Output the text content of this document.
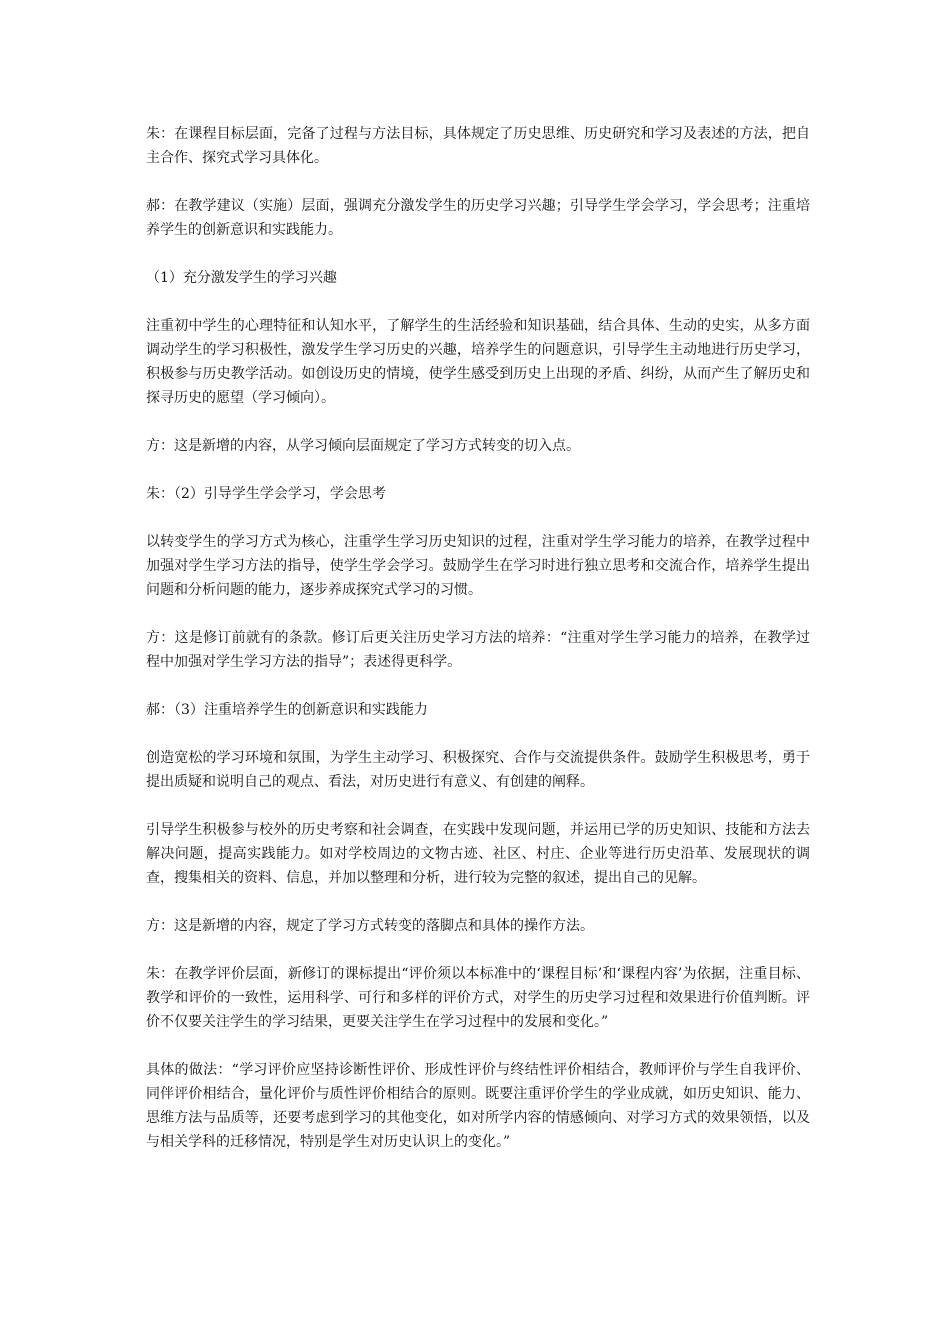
朱：在课程目标层面，完备了过程与方法目标，具体规定了历史思维、历史研究和学习及表述的方法，把自主合作、探究式学习具体化。

郝：在教学建议（实施）层面，强调充分激发学生的历史学习兴趣；引导学生学会学习，学会思考；注重培养学生的创新意识和实践能力。

（1）充分激发学生的学习兴趣

注重初中学生的心理特征和认知水平，了解学生的生活经验和知识基础，结合具体、生动的史实，从多方面调动学生的学习积极性，激发学生学习历史的兴趣，培养学生的问题意识，引导学生主动地进行历史学习，积极参与历史教学活动。如创设历史的情境，使学生感受到历史上出现的矛盾、纠纷，从而产生了解历史和探寻历史的愿望（学习倾向）。

方：这是新增的内容，从学习倾向层面规定了学习方式转变的切入点。

朱：（2）引导学生学会学习，学会思考

以转变学生的学习方式为核心，注重学生学习历史知识的过程，注重对学生学习能力的培养，在教学过程中加强对学生学习方法的指导，使学生学会学习。鼓励学生在学习时进行独立思考和交流合作，培养学生提出问题和分析问题的能力，逐步养成探究式学习的习惯。

方：这是修订前就有的条款。修订后更关注历史学习方法的培养：“注重对学生学习能力的培养，在教学过程中加强对学生学习方法的指导”；表述得更科学。

郝：（3）注重培养学生的创新意识和实践能力

创造宽松的学习环境和氛围，为学生主动学习、积极探究、合作与交流提供条件。鼓励学生积极思考，勇于提出质疑和说明自己的观点、看法，对历史进行有意义、有创建的阐释。

引导学生积极参与校外的历史考察和社会调查，在实践中发现问题，并运用已学的历史知识、技能和方法去解决问题，提高实践能力。如对学校周边的文物古迹、社区、村庄、企业等进行历史沿革、发展现状的调查，搜集相关的资料、信息，并加以整理和分析，进行较为完整的叙述，提出自己的见解。

方：这是新增的内容，规定了学习方式转变的落脚点和具体的操作方法。

朱：在教学评价层面，新修订的课标提出“评价须以本标准中的‘课程目标’和‘课程内容’为依据，注重目标、教学和评价的一致性，运用科学、可行和多样的评价方式，对学生的历史学习过程和效果进行价值判断。评价不仅要关注学生的学习结果，更要关注学生在学习过程中的发展和变化。”

具体的做法：“学习评价应坚持诊断性评价、形成性评价与终结性评价相结合，教师评价与学生自我评价、同伴评价相结合，量化评价与质性评价相结合的原则。既要注重评价学生的学业成就，如历史知识、能力、思维方法与品质等，还要考虑到学习的其他变化，如对所学内容的情感倾向、对学习方式的效果领悟，以及与相关学科的迁移情况，特别是学生对历史认识上的变化。”
